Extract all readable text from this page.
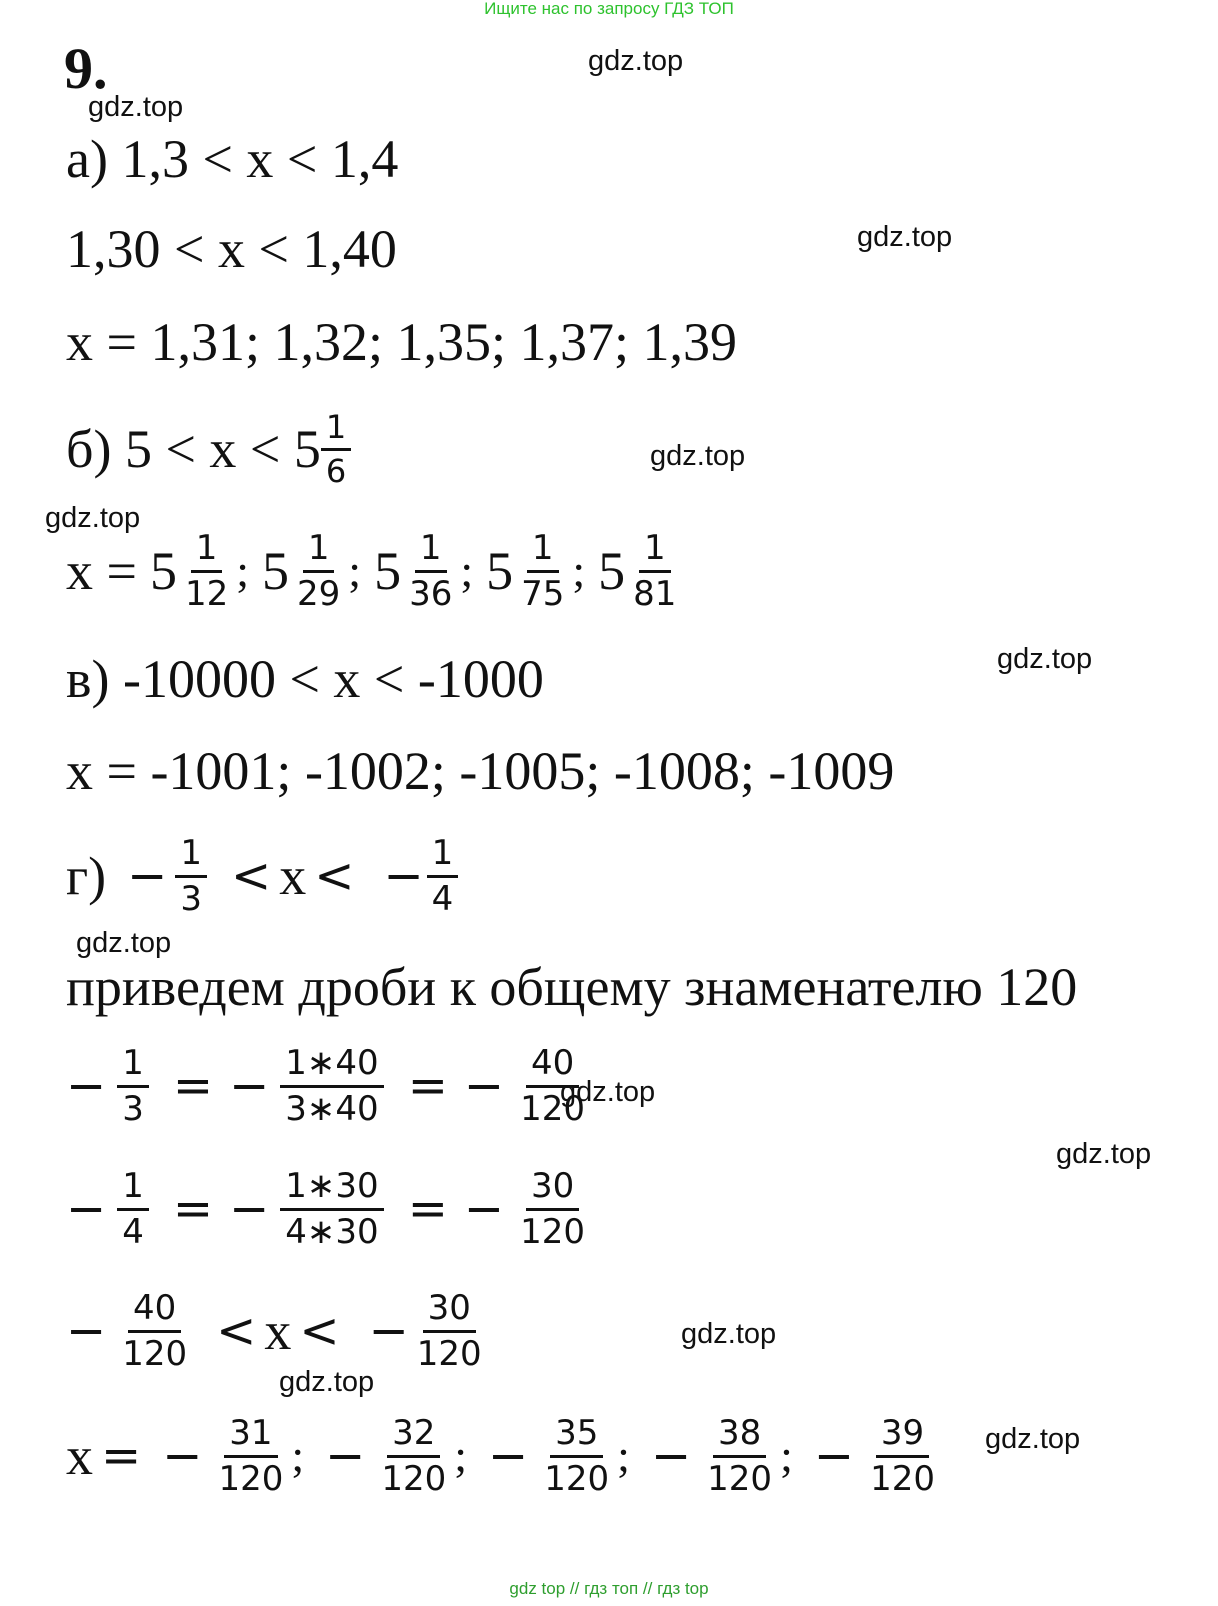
Ищите нас по запросу ГДЗ ТОП
9.	gdz.top
gdz.top
gdz.top
gdz.top
gdz.top
gdz.top
gdz.top
gdz.top
gdz.top
gdz.top
gdz.top
gdz.top
а) 1,3 < x < 1,4
1,30 < x < 1,40
x = 1,31; 1,32; 1,35; 1,37; 1,39
б) $5 < x < 5 \frac{1}{6}$
$x = 5 \frac{1}{12}$ ; $5 \frac{1}{29}$ ; $5 \frac{1}{36}$ ; $5 \frac{1}{75}$ ; $5 \frac{1}{81}$
в) -10000 < x < -1000
x = -1001; -1002; -1005; -1008; -1009
$г) - \frac{1}{3} < x$ < − $\frac{1}{4}$
приведем дроби к общему знаменателю 120
− $\frac{1}{3}$ = − $\frac{1∗40}{3∗40}$ = − $\frac{40}{120}$
− $\frac{1}{4}$ = − $\frac{1∗30}{4∗30}$ = − $\frac{30}{120}$
− $\frac{40}{120} < x$ < − $\frac{30}{120}$
x = − $\frac{31}{120}$ ; − $\frac{32}{120}$ ; − $\frac{35}{120}$ ; − $\frac{38}{120}$ ; − $\frac{39}{120}$
gdz top // гдз топ // гдз top
